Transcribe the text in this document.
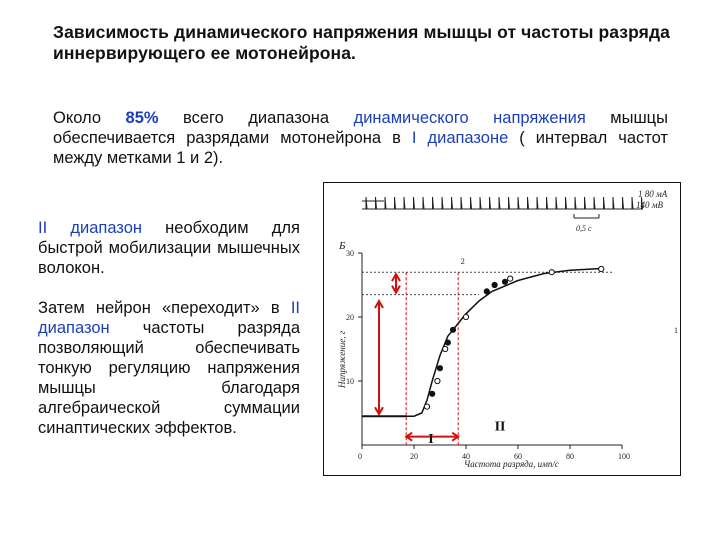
Зависимость динамического напряжения мышцы от частоты разряда иннервирующего ее мотонейрона.
Около 85% всего диапазона динамического напряжения мышцы обеспечивается разрядами мотонейрона в I диапазоне ( интервал частот между метками 1 и 2).
II диапазон необходим для быстрой мобилизации мышечных волокон.
Затем нейрон «переходит» в II диапазон частоты разряда позволяющий обеспечивать тонкую регуляцию напряжения мышцы благодаря алгебраической суммации синаптических эффектов.
1 80 мА
140 мВ
0,5 с
Б
0	20	40	60	80	100
10
20
30
Напряжение, г
Частота разряда, имп/с
1
2
I
II
